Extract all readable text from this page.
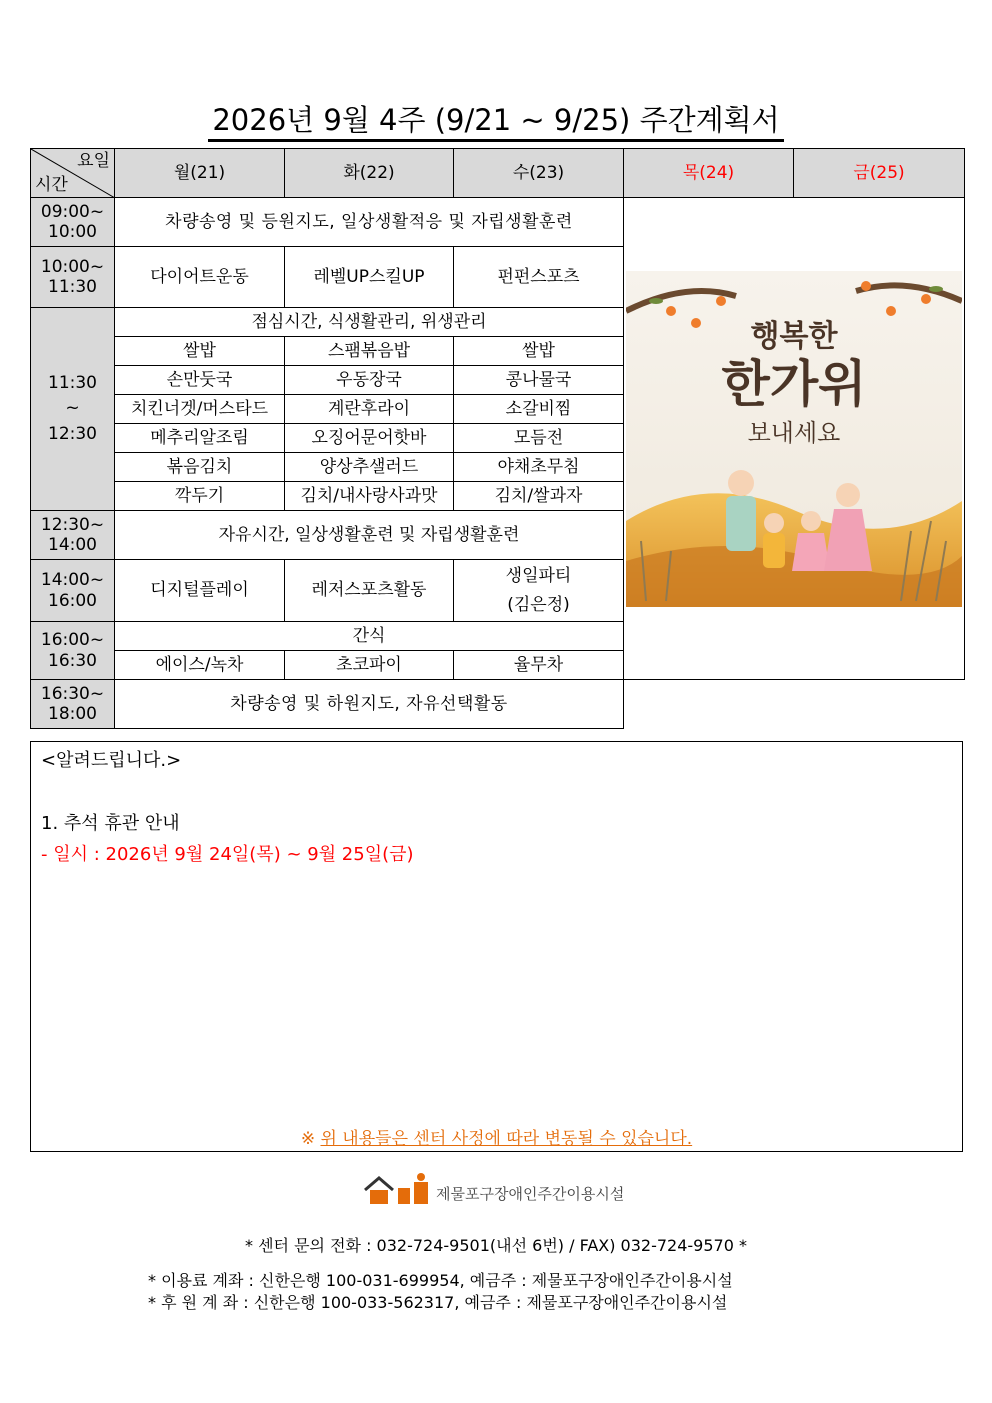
2026년 9월 4주 (9/21 ~ 9/25) 주간계획서
요일
시간	월(21)	화(22)	수(23)	목(24)	금(25)

09:00~
10:00	차량송영 및 등원지도, 일상생활적응 및 자립생활훈련			행복한
한가위
보내세요	

10:00~
11:30	다이어트운동	레벨UP스킬UP	펀펀스포츠		

11:30
~
12:30	점심시간, 식생활관리, 위생관리				
	쌀밥	스팸볶음밥	쌀밥		
	손만둣국	우동장국	콩나물국		
	치킨너겟/머스타드	계란후라이	소갈비찜		
	메추리알조림	오징어문어핫바	모듬전		
	볶음김치	양상추샐러드	야채초무침		
	깍두기	김치/내사랑사과맛	김치/쌀과자		

12:30~
14:00	자유시간, 일상생활훈련 및 자립생활훈련				

14:00~
16:00	디지털플레이	레저스포츠활동	생일파티
(김은정)		

16:00~
16:30	간식				
	에이스/녹차	초코파이	율무차		

16:30~
18:00	차량송영 및 하원지도, 자유선택활동				
<알려드립니다.>
1. 추석 휴관 안내
- 일시 : 2026년 9월 24일(목) ~ 9월 25일(금)
※ 위 내용들은 센터 사정에 따라 변동될 수 있습니다.
제물포구장애인주간이용시설
* 센터 문의 전화 : 032-724-9501(내선 6번) / FAX) 032-724-9570 *
* 이용료 계좌 : 신한은행 100-031-699954, 예금주 : 제물포구장애인주간이용시설
* 후 원 계 좌 : 신한은행 100-033-562317, 예금주 : 제물포구장애인주간이용시설
